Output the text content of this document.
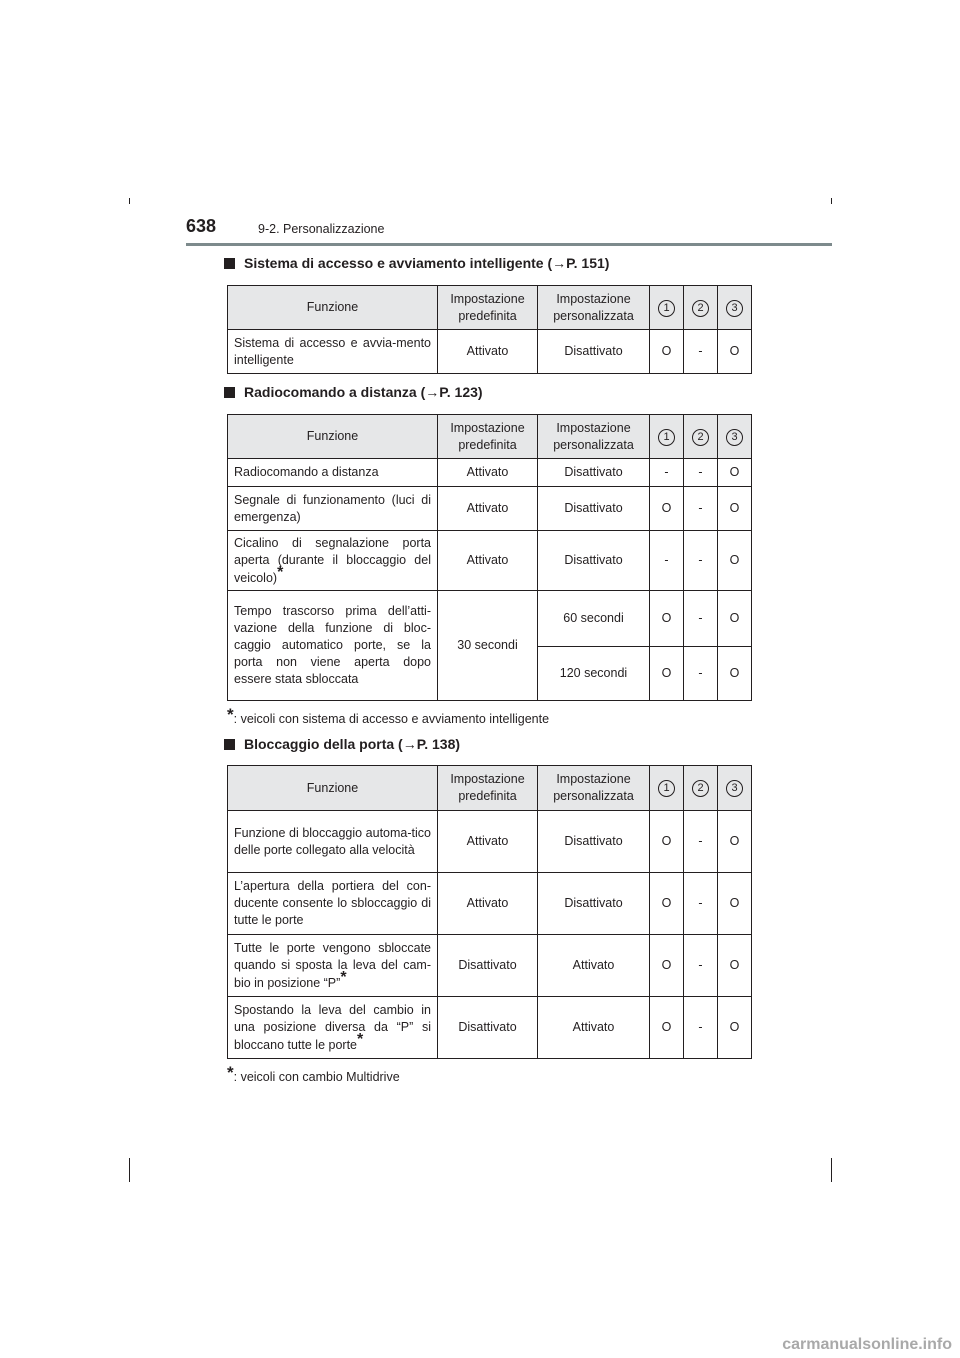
638	9-2. Personalizzazione
Sistema di accesso e avviamento intelligente (→P. 151)
Funzione	Impostazione predefinita	Impostazione personalizzata	1	2	3
Sistema di accesso e avvia-mento intelligente	Attivato	Disattivato	O	-	O
Radiocomando a distanza (→P. 123)
Funzione	Impostazione predefinita	Impostazione personalizzata	1	2	3
Radiocomando a distanza	Attivato	Disattivato	-	-	O
Segnale di funzionamento (luci di emergenza)	Attivato	Disattivato	O	-	O
Cicalino di segnalazione porta aperta (durante il bloccaggio del veicolo)*	Attivato	Disattivato	-	-	O
Tempo trascorso prima dell’atti-vazione della funzione di bloc-caggio automatico porte, se la porta non viene aperta dopo essere stata sbloccata	30 secondi	60 secondi	O	-	O
		120 secondi	O	-	O
*: veicoli con sistema di accesso e avviamento intelligente
Bloccaggio della porta (→P. 138)
Funzione	Impostazione predefinita	Impostazione personalizzata	1	2	3
Funzione di bloccaggio automa-tico delle porte collegato alla velocità	Attivato	Disattivato	O	-	O
L’apertura della portiera del con-ducente consente lo sbloccaggio di tutte le porte	Attivato	Disattivato	O	-	O
Tutte le porte vengono sbloccate quando si sposta la leva del cam-bio in posizione “P”*	Disattivato	Attivato	O	-	O
Spostando la leva del cambio in una posizione diversa da “P” si bloccano tutte le porte*	Disattivato	Attivato	O	-	O
*: veicoli con cambio Multidrive
carmanualsonline.info
